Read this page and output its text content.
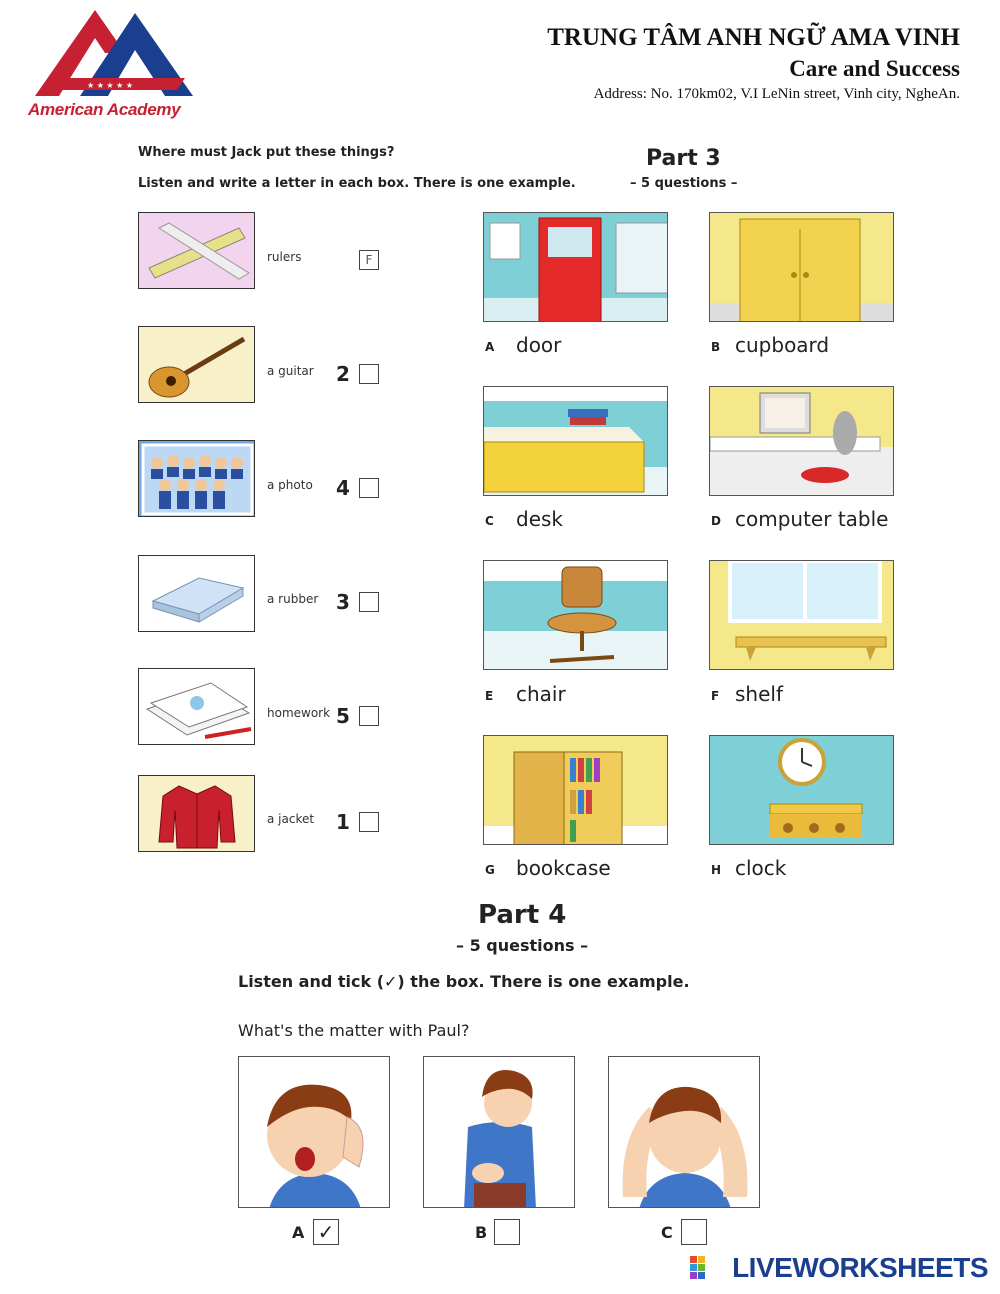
★ ★ ★ ★ ★
American Academy
TRUNG TÂM ANH NGỮ AMA VINH
Care and Success
Address: No. 170km02, V.I LeNin street, Vinh city, NgheAn.
Where must Jack put these things?
Listen and write a letter in each box. There is one example.
Part 3
– 5 questions –
rulers	F
a guitar 2
a photo 4
a rubber 3
homework 5
a jacket 1
A door	B cupboard
C desk	D computer table
E chair	F shelf
G bookcase	H clock
Part 4
– 5 questions –
Listen and tick (✓) the box. There is one example.
What's the matter with Paul?
A ✓	B	C
LIVEWORKSHEETS
